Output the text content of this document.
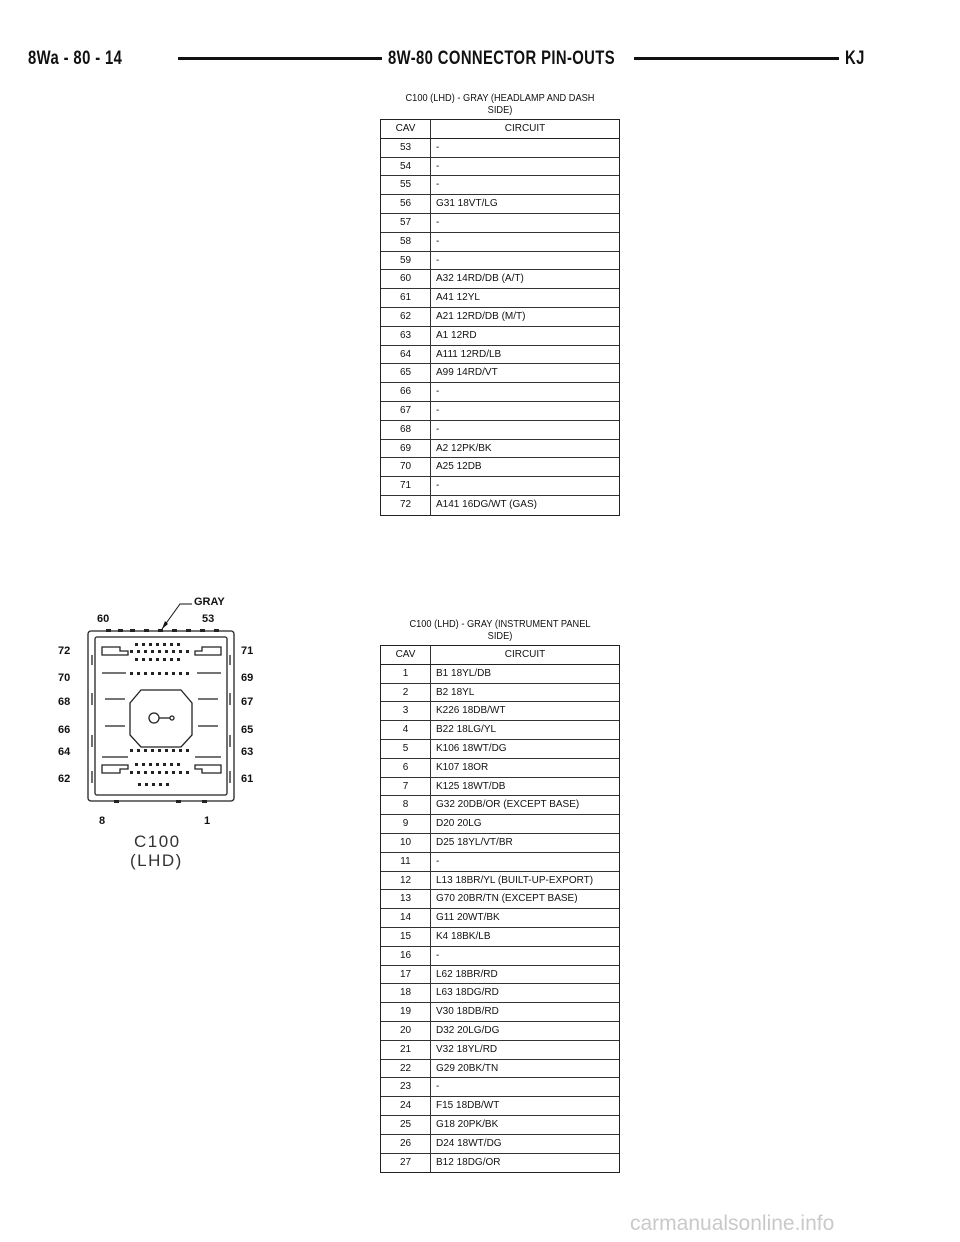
8Wa - 80 - 14	8W-80 CONNECTOR PIN-OUTS	KJ
C100 (LHD) - GRAY (HEADLAMP AND DASH
SIDE)
CAV	CIRCUIT
53	-
54	-
55	-
56	G31 18VT/LG
57	-
58	-
59	-
60	A32 14RD/DB (A/T)
61	A41 12YL
62	A21 12RD/DB (M/T)
63	A1 12RD
64	A111 12RD/LB
65	A99 14RD/VT
66	-
67	-
68	-
69	A2 12PK/BK
70	A25 12DB
71	-
72	A141 16DG/WT (GAS)
C100 (LHD) - GRAY (INSTRUMENT PANEL
SIDE)
CAV	CIRCUIT
1	B1 18YL/DB
2	B2 18YL
3	K226 18DB/WT
4	B22 18LG/YL
5	K106 18WT/DG
6	K107 18OR
7	K125 18WT/DB
8	G32 20DB/OR (EXCEPT BASE)
9	D20 20LG
10	D25 18YL/VT/BR
11	-
12	L13 18BR/YL (BUILT-UP-EXPORT)
13	G70 20BR/TN (EXCEPT BASE)
14	G11 20WT/BK
15	K4 18BK/LB
16	-
17	L62 18BR/RD
18	L63 18DG/RD
19	V30 18DB/RD
20	D32 20LG/DG
21	V32 18YL/RD
22	G29 20BK/TN
23	-
24	F15 18DB/WT
25	G18 20PK/BK
26	D24 18WT/DG
27	B12 18DG/OR
GRAY
60	53
72
70
68
66
64
62
71
69
67
65
63
61
8	1
C100
(LHD)
carmanualsonline.info
